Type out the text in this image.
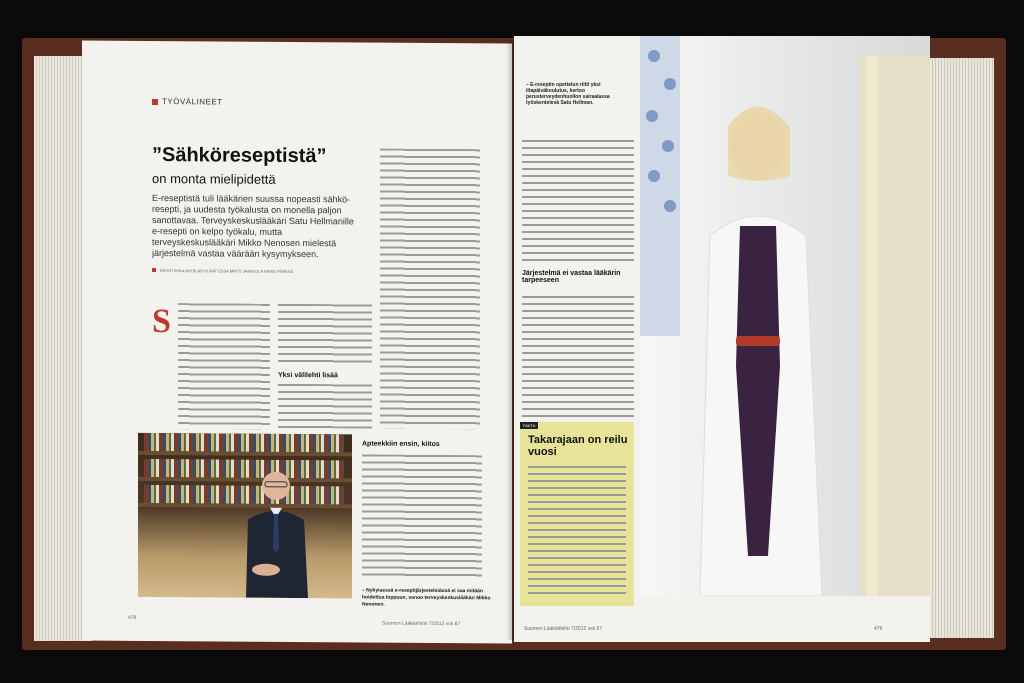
TYÖVÄLINEET
”Sähköreseptistä”
on monta mielipidettä
E-reseptistä tuli lääkärien suussa nopeasti sähkö-resepti, ja uudesta työkalusta on monella paljon sanottavaa. Terveyskeskuslääkäri Satu Hellmanille e-resepti on kelpo työkalu, mutta terveyskeskuslääkäri Mikko Nenosen mielestä järjestelmä vastaa väärään kysymykseen.
TEKSTI IIKKA AHLBLAD KUVAT ESSA MATTI JAAKKOLA NIKKE PÄRKKÄ
S
Yksi välilehti lisää
Apteekkiin ensin, kiitos
– Nykyisessä e-reseptijärjestelmässä ei saa mitään hoidettua loppuun, sanoo terveyskeskuslääkäri Mikko Nenonen.
478
Suomen Lääkärilehti 7/2012 vsk 67
– E-reseptin opettelun riitti yksi iltapäiväkoulutus, kertoo perusterveydenhuollon sairaalassa työskentelevä Satu Hellman.
Järjestelmä ei vastaa lääkärin tarpeeseen
FAKTA
Takarajaan on reilu vuosi
Suomen Lääkärilehti 7/2012 vsk 67	479
